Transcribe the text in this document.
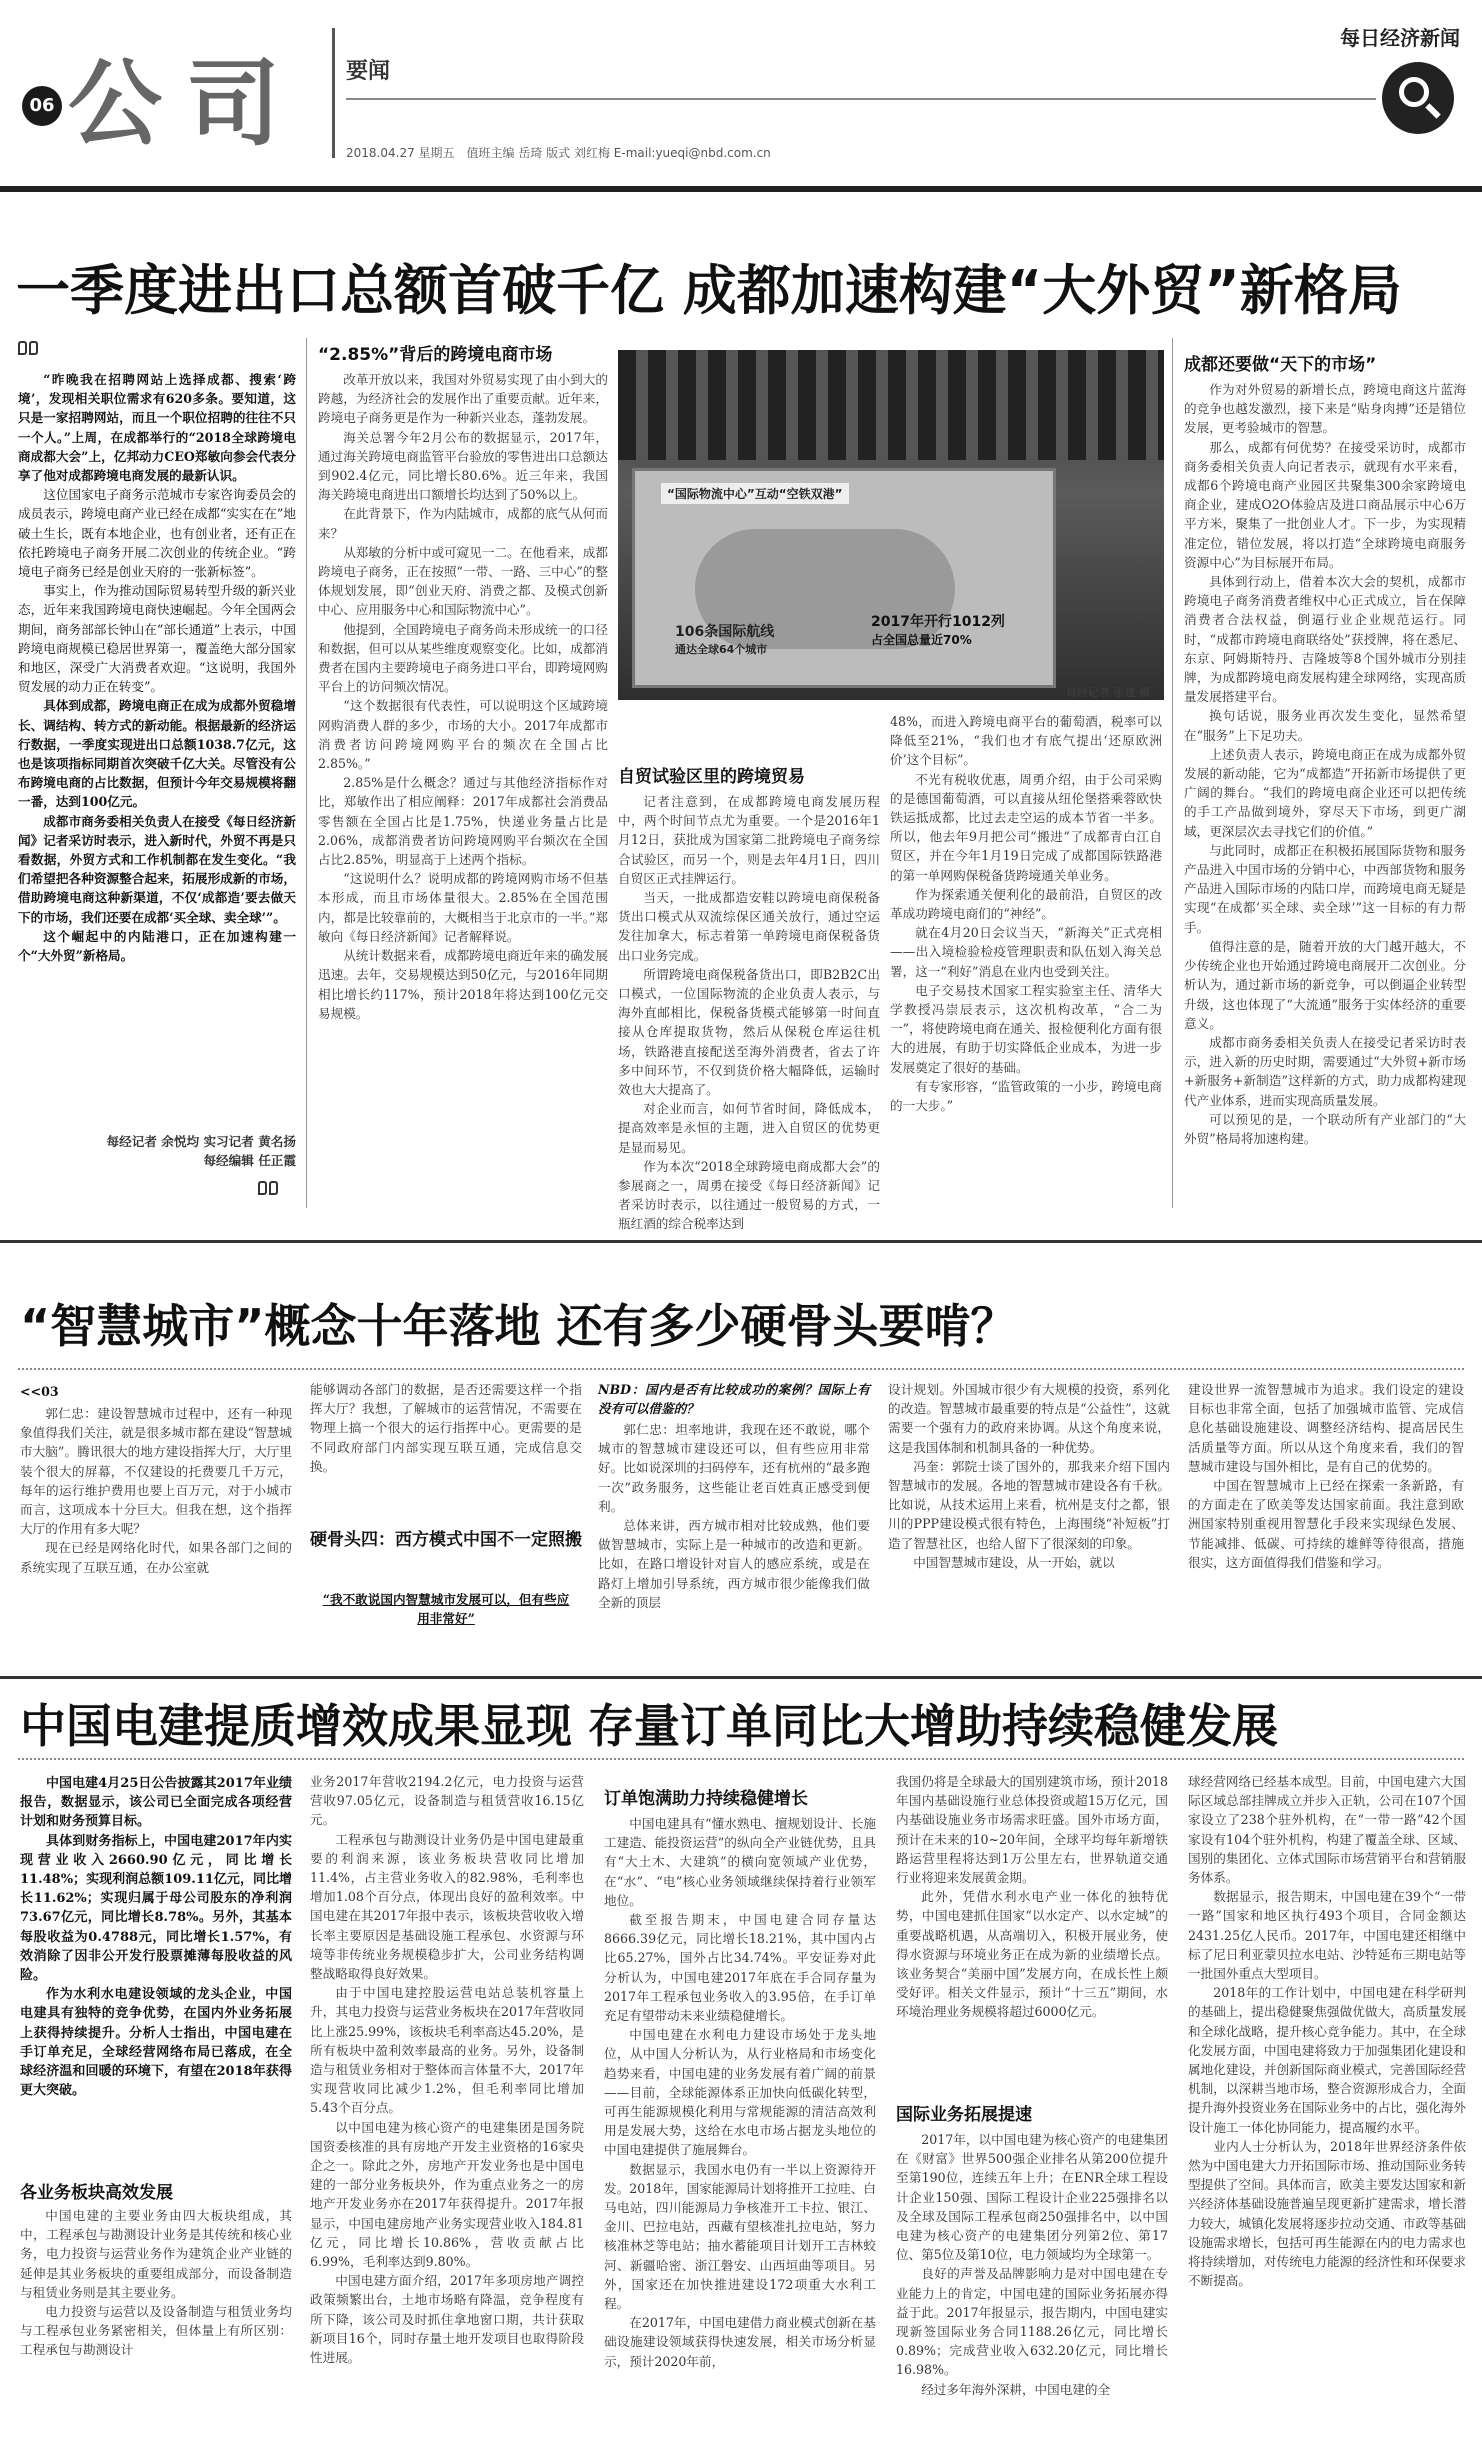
06 公司 要闻
2018.04.27 星期五　值班主编 岳琦 版式 刘红梅 E-mail:yueqi@nbd.com.cn
每日经济新闻
一季度进出口总额首破千亿 成都加速构建“大外贸”新格局

“昨晚我在招聘网站上选择成都、搜索‘跨境’，发现相关职位需求有620多条。要知道，这只是一家招聘网站，而且一个职位招聘的往往不只一个人。”上周，在成都举行的“2018全球跨境电商成都大会”上，亿邦动力CEO郑敏向参会代表分享了他对成都跨境电商发展的最新认识。

这位国家电子商务示范城市专家咨询委员会的成员表示，跨境电商产业已经在成都“实实在在”地破土生长，既有本地企业，也有创业者，还有正在依托跨境电子商务开展二次创业的传统企业。“跨境电子商务已经是创业天府的一张新标签”。

事实上，作为推动国际贸易转型升级的新兴业态，近年来我国跨境电商快速崛起。今年全国两会期间，商务部部长钟山在“部长通道”上表示，中国跨境电商规模已稳居世界第一，覆盖绝大部分国家和地区，深受广大消费者欢迎。“这说明，我国外贸发展的动力正在转变”。

具体到成都，跨境电商正在成为成都外贸稳增长、调结构、转方式的新动能。根据最新的经济运行数据，一季度实现进出口总额1038.7亿元，这也是该项指标同期首次突破千亿大关。尽管没有公布跨境电商的占比数据，但预计今年交易规模将翻一番，达到100亿元。

成都市商务委相关负责人在接受《每日经济新闻》记者采访时表示，进入新时代，外贸不再是只看数据，外贸方式和工作机制都在发生变化。“我们希望把各种资源整合起来，拓展形成新的市场，借助跨境电商这种新渠道，不仅‘成都造’要去做天下的市场，我们还要在成都‘买全球、卖全球’”。

这个崛起中的内陆港口，正在加速构建一个“大外贸”新格局。

每经记者 余悦均 实习记者 黄名扬
每经编辑 任正霞
“2.85%”背后的跨境电商市场

改革开放以来，我国对外贸易实现了由小到大的跨越，为经济社会的发展作出了重要贡献。近年来，跨境电子商务更是作为一种新兴业态，蓬勃发展。

海关总署今年2月公布的数据显示，2017年，通过海关跨境电商监管平台验放的零售进出口总额达到902.4亿元，同比增长80.6%。近三年来，我国海关跨境电商进出口额增长均达到了50%以上。

在此背景下，作为内陆城市，成都的底气从何而来？

从郑敏的分析中或可窥见一二。在他看来，成都跨境电子商务，正在按照“一带、一路、三中心”的整体规划发展，即“创业天府、消费之都、及模式创新中心、应用服务中心和国际物流中心”。

他提到，全国跨境电子商务尚未形成统一的口径和数据，但可以从某些维度观察变化。比如，成都消费者在国内主要跨境电子商务进口平台，即跨境网购平台上的访问频次情况。

“这个数据很有代表性，可以说明这个区域跨境网购消费人群的多少，市场的大小。2017年成都市消费者访问跨境网购平台的频次在全国占比2.85%。”

2.85%是什么概念？通过与其他经济指标作对比，郑敏作出了相应阐释：2017年成都社会消费品零售额在全国占比是1.75%，快递业务量占比是2.06%，成都消费者访问跨境网购平台频次在全国占比2.85%，明显高于上述两个指标。

“这说明什么？说明成都的跨境网购市场不但基本形成，而且市场体量很大。2.85%在全国范围内，都是比较靠前的，大概相当于北京市的一半。”郑敏向《每日经济新闻》记者解释说。

从统计数据来看，成都跨境电商近年来的确发展迅速。去年，交易规模达到50亿元，与2016年同期相比增长约117%，预计2018年将达到100亿元交易规模。

“国际物流中心”互动“空铁双港”
106条国际航线
通达全球64个城市
2017年开行1012列
占全国总量近70%
每经记者 张建 摄
自贸试验区里的跨境贸易

记者注意到，在成都跨境电商发展历程中，两个时间节点尤为重要。一个是2016年1月12日，获批成为国家第二批跨境电子商务综合试验区，而另一个，则是去年4月1日，四川自贸区正式挂牌运行。

当天，一批成都造安鞋以跨境电商保税备货出口模式从双流综保区通关放行，通过空运发往加拿大，标志着第一单跨境电商保税备货出口业务完成。

所谓跨境电商保税备货出口，即B2B2C出口模式，一位国际物流的企业负责人表示，与海外直邮相比，保税备货模式能够第一时间直接从仓库提取货物，然后从保税仓库运往机场，铁路港直接配送至海外消费者，省去了许多中间环节，不仅到货价格大幅降低，运输时效也大大提高了。

对企业而言，如何节省时间，降低成本，提高效率是永恒的主题，进入自贸区的优势更是显而易见。

作为本次“2018全球跨境电商成都大会”的参展商之一，周勇在接受《每日经济新闻》记者采访时表示，以往通过一般贸易的方式，一瓶红酒的综合税率达到

48%，而进入跨境电商平台的葡萄酒，税率可以降低至21%，“我们也才有底气提出‘还原欧洲价’这个目标”。

不光有税收优惠，周勇介绍，由于公司采购的是德国葡萄酒，可以直接从纽伦堡搭乘蓉欧快铁运抵成都，比过去走空运的成本节省一半多。所以，他去年9月把公司“搬进”了成都青白江自贸区，并在今年1月19日完成了成都国际铁路港的第一单网购保税备货跨境通关单业务。

作为探索通关便利化的最前沿，自贸区的改革成功跨境电商们的“神经”。

就在4月20日会议当天，“新海关”正式亮相——出入境检验检疫管理职责和队伍划入海关总署，这一“利好”消息在业内也受到关注。

电子交易技术国家工程实验室主任、清华大学教授冯崇辰表示，这次机构改革，“合二为一”，将使跨境电商在通关、报检便利化方面有很大的进展，有助于切实降低企业成本，为进一步发展奠定了很好的基础。

有专家形容，“监管政策的一小步，跨境电商的一大步。”

成都还要做“天下的市场”

作为对外贸易的新增长点，跨境电商这片蓝海的竞争也越发激烈，接下来是“贴身肉搏”还是错位发展，更考验城市的智慧。

那么，成都有何优势？在接受采访时，成都市商务委相关负责人向记者表示，就现有水平来看，成都6个跨境电商产业园区共聚集300余家跨境电商企业，建成O2O体验店及进口商品展示中心6万平方米，聚集了一批创业人才。下一步，为实现精准定位，错位发展，将以打造“全球跨境电商服务资源中心”为目标展开布局。

具体到行动上，借着本次大会的契机，成都市跨境电子商务消费者维权中心正式成立，旨在保障消费者合法权益，倒逼行业企业规范运行。同时，“成都市跨境电商联络处”获授牌，将在悉尼、东京、阿姆斯特丹、吉隆坡等8个国外城市分别挂牌，为成都跨境电商发展构建全球网络，实现高质量发展搭建平台。

换句话说，服务业再次发生变化，显然希望在“服务”上下足功夫。

上述负责人表示，跨境电商正在成为成都外贸发展的新动能，它为“成都造”开拓新市场提供了更广阔的舞台。“我们的跨境电商企业还可以把传统的手工产品做到境外，穿尽天下市场，到更广湖域，更深层次去寻找它们的价值。”

与此同时，成都正在积极拓展国际货物和服务产品进入中国市场的分销中心，中西部货物和服务产品进入国际市场的内陆口岸，而跨境电商无疑是实现“在成都‘买全球、卖全球’”这一目标的有力帮手。

值得注意的是，随着开放的大门越开越大，不少传统企业也开始通过跨境电商展开二次创业。分析认为，通过新市场的新竞争，可以倒逼企业转型升级，这也体现了“大流通”服务于实体经济的重要意义。

成都市商务委相关负责人在接受记者采访时表示，进入新的历史时期，需要通过“大外贸+新市场+新服务+新制造”这样新的方式，助力成都构建现代产业体系，进而实现高质量发展。

可以预见的是，一个联动所有产业部门的“大外贸”格局将加速构建。

“智慧城市”概念十年落地 还有多少硬骨头要啃？
<<03

郭仁忠：建设智慧城市过程中，还有一种现象值得我们关注，就是很多城市都在建设“智慧城市大脑”。腾讯很大的地方建设指挥大厅，大厅里装个很大的屏幕，不仅建设的托费要几千万元，每年的运行维护费用也要上百万元，对于小城市而言，这项成本十分巨大。但我在想，这个指挥大厅的作用有多大呢？

现在已经是网络化时代，如果各部门之间的系统实现了互联互通，在办公室就

能够调动各部门的数据，是否还需要这样一个指挥大厅？我想，了解城市的运营情况，不需要在物理上搞一个很大的运行指挥中心。更需要的是不同政府部门内部实现互联互通，完成信息交换。

硬骨头四：西方模式中国不一定照搬
“我不敢说国内智慧城市发展可以，但有些应用非常好”
NBD：国内是否有比较成功的案例？国际上有没有可以借鉴的？

郭仁忠：坦率地讲，我现在还不敢说，哪个城市的智慧城市建设还可以，但有些应用非常好。比如说深圳的扫码停车，还有杭州的“最多跑一次”政务服务，这些能让老百姓真正感受到便利。

总体来讲，西方城市相对比较成熟，他们要做智慧城市，实际上是一种城市的改造和更新。比如，在路口增设针对盲人的感应系统，或是在路灯上增加引导系统，西方城市很少能像我们做全新的顶层

设计规划。外国城市很少有大规模的投资，系列化的改造。智慧城市最重要的特点是“公益性”，这就需要一个强有力的政府来协调。从这个角度来说，这是我国体制和机制具备的一种优势。

冯奎：郭院士谈了国外的，那我来介绍下国内智慧城市的发展。各地的智慧城市建设各有千秋。比如说，从技术运用上来看，杭州是支付之都，银川的PPP建设模式很有特色，上海围绕“补短板”打造了智慧社区，也给人留下了很深刻的印象。

中国智慧城市建设，从一开始，就以

建设世界一流智慧城市为追求。我们设定的建设目标也非常全面，包括了加强城市监管、完成信息化基础设施建设、调整经济结构、提高居民生活质量等方面。所以从这个角度来看，我们的智慧城市建设与国外相比，是有自己的优势的。

中国在智慧城市上已经在探索一条新路，有的方面走在了欧美等发达国家前面。我注意到欧洲国家特别重视用智慧化手段来实现绿色发展、节能减排、低碳、可持续的雄鲜等待很高，措施很实，这方面值得我们借鉴和学习。

中国电建提质增效成果显现 存量订单同比大增助持续稳健发展

中国电建4月25日公告披露其2017年业绩报告，数据显示，该公司已全面完成各项经营计划和财务预算目标。

具体到财务指标上，中国电建2017年内实现营业收入2660.90亿元，同比增长11.48%；实现利润总额109.11亿元，同比增长11.62%；实现归属于母公司股东的净利润73.67亿元，同比增长8.78%。另外，其基本每股收益为0.4788元，同比增长1.57%，有效消除了因非公开发行股票摊薄每股收益的风险。

作为水利水电建设领域的龙头企业，中国电建具有独特的竞争优势，在国内外业务拓展上获得持续提升。分析人士指出，中国电建在手订单充足，全球经营网络布局已落成，在全球经济温和回暖的环境下，有望在2018年获得更大突破。

各业务板块高效发展

中国电建的主要业务由四大板块组成，其中，工程承包与勘测设计业务是其传统和核心业务，电力投资与运营业务作为建筑企业产业链的延伸是其业务板块的重要组成部分，而设备制造与租赁业务则是其主要业务。

电力投资与运营以及设备制造与租赁业务均与工程承包业务紧密相关，但体量上有所区别：工程承包与勘测设计

业务2017年营收2194.2亿元，电力投资与运营营收97.05亿元，设备制造与租赁营收16.15亿元。

工程承包与勘测设计业务仍是中国电建最重要的利润来源，该业务板块营收同比增加11.4%，占主营业务收入的82.98%，毛利率也增加1.08个百分点，体现出良好的盈利效率。中国电建在其2017年报中表示，该板块营收收入增长率主要原因是基础设施工程承包、水资源与环境等非传统业务规模稳步扩大，公司业务结构调整战略取得良好效果。

由于中国电建控股运营电站总装机容量上升，其电力投资与运营业务板块在2017年营收同比上涨25.99%，该板块毛利率高达45.20%，是所有板块中盈利效率最高的业务。另外，设备制造与租赁业务相对于整体而言体量不大，2017年实现营收同比减少1.2%，但毛利率同比增加5.43个百分点。

以中国电建为核心资产的电建集团是国务院国资委核准的具有房地产开发主业资格的16家央企之一。除此之外，房地产开发业务也是中国电建的一部分业务板块外，作为重点业务之一的房地产开发业务亦在2017年获得提升。2017年报显示，中国电建房地产业务实现营业收入184.81亿元，同比增长10.86%，营收贡献占比6.99%，毛利率达到9.80%。

中国电建方面介绍，2017年多项房地产调控政策频繁出台，土地市场略有降温，竞争程度有所下降，该公司及时抓住拿地窗口期，共计获取新项目16个，同时存量土地开发项目也取得阶段性进展。

订单饱满助力持续稳健增长

中国电建具有“懂水熟电、擅规划设计、长施工建造、能投资运营”的纵向全产业链优势，且具有“大土木、大建筑”的横向宽领域产业优势，在“水”、“电”核心业务领域继续保持着行业领军地位。

截至报告期末，中国电建合同存量达8666.39亿元，同比增长18.21%，其中国内占比65.27%，国外占比34.74%。平安证券对此分析认为，中国电建2017年底在手合同存量为2017年工程承包业务收入的3.95倍，在手订单充足有望带动未来业绩稳健增长。

中国电建在水利电力建设市场处于龙头地位，从中国人分析认为，从行业格局和市场变化趋势来看，中国电建的业务发展有着广阔的前景——目前，全球能源体系正加快向低碳化转型，可再生能源规模化利用与常规能源的清洁高效利用是发展大势，这给在水电市场占据龙头地位的中国电建提供了施展舞台。

数据显示，我国水电仍有一半以上资源待开发。2018年，国家能源局计划将推开工拉哇、白马电站，四川能源局力争核准开工卡拉、银江、金川、巴拉电站，西藏有望核准扎拉电站，努力核准林芝等电站；抽水蓄能项目计划开工吉林蛟河、新疆哈密、浙江磐安、山西垣曲等项目。另外，国家还在加快推进建设172项重大水利工程。

在2017年，中国电建借力商业模式创新在基础设施建设领域获得快速发展，相关市场分析显示，预计2020年前，

我国仍将是全球最大的国别建筑市场，预计2018年国内基础设施行业总体投资或超15万亿元，国内基础设施业务市场需求旺盛。国外市场方面，预计在未来的10~20年间，全球平均每年新增铁路运营里程将达到1万公里左右，世界轨道交通行业将迎来发展黄金期。

此外，凭借水利水电产业一体化的独特优势，中国电建抓住国家“以水定产、以水定城”的重要战略机遇，从高端切入，积极开展业务，使得水资源与环境业务正在成为新的业绩增长点。该业务契合“美丽中国”发展方向，在成长性上颇受好评。相关文件显示，预计“十三五”期间，水环境治理业务规模将超过6000亿元。

国际业务拓展提速

2017年，以中国电建为核心资产的电建集团在《财富》世界500强企业排名从第200位提升至第190位，连续五年上升；在ENR全球工程设计企业150强、国际工程设计企业225强排名以及全球及国际工程承包商250强排名中，以中国电建为核心资产的电建集团分列第2位、第17位、第5位及第10位，电力领域均为全球第一。

良好的声誉及品牌影响力是对中国电建在专业能力上的肯定，中国电建的国际业务拓展亦得益于此。2017年报显示，报告期内，中国电建实现新签国际业务合同1188.26亿元，同比增长0.89%；完成营业收入632.20亿元，同比增长16.98%。

经过多年海外深耕，中国电建的全

球经营网络已经基本成型。目前，中国电建六大国际区域总部挂牌成立并步入正轨，公司在107个国家设立了238个驻外机构，在“一带一路”42个国家设有104个驻外机构，构建了覆盖全球、区域、国别的集团化、立体式国际市场营销平台和营销服务体系。

数据显示，报告期末，中国电建在39个“一带一路”国家和地区执行493个项目，合同金额达2431.25亿人民币。2017年，中国电建还相继中标了尼日利亚蒙贝拉水电站、沙特延布三期电站等一批国外重点大型项目。

2018年的工作计划中，中国电建在科学研判的基础上，提出稳健聚焦强做优做大，高质量发展和全球化战略，提升核心竞争能力。其中，在全球化发展方面，中国电建将致力于加强集团化建设和属地化建设，并创新国际商业模式，完善国际经营机制，以深耕当地市场，整合资源形成合力，全面提升海外投资业务在国际业务中的占比，强化海外设计施工一体化协同能力，提高履约水平。

业内人士分析认为，2018年世界经济条件依然为中国电建大力开拓国际市场、推动国际业务转型提供了空间。具体而言，欧美主要发达国家和新兴经济体基础设施普遍呈现更新扩建需求，增长潜力较大，城镇化发展将逐步拉动交通、市政等基础设施需求增长，包括可再生能源在内的电力需求也将持续增加，对传统电力能源的经济性和环保要求不断提高。
